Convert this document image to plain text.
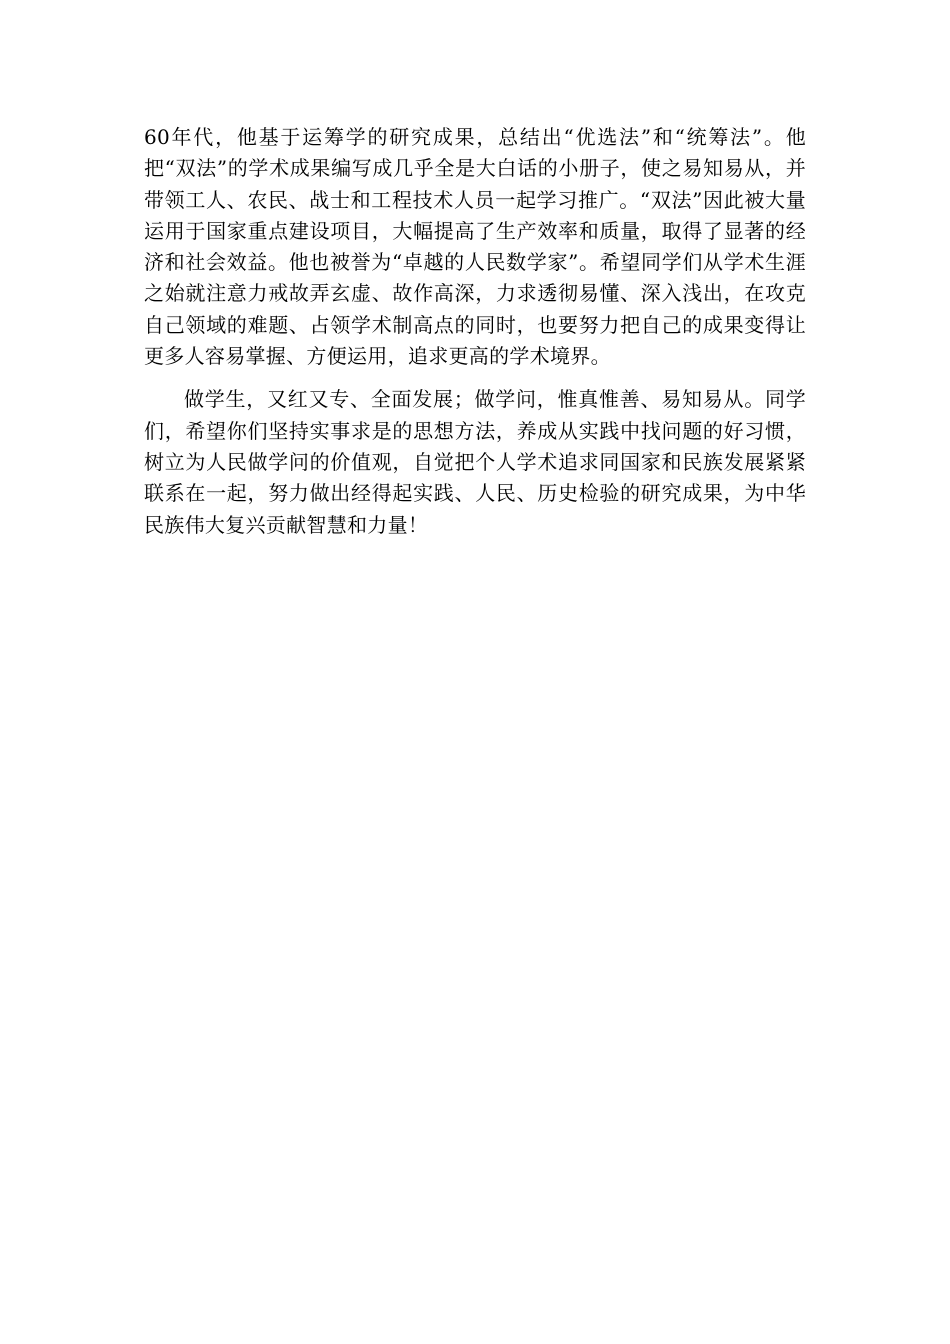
60年代，他基于运筹学的研究成果，总结出“优选法”和“统筹法”。他把“双法”的学术成果编写成几乎全是大白话的小册子，使之易知易从，并带领工人、农民、战士和工程技术人员一起学习推广。“双法”因此被大量运用于国家重点建设项目，大幅提高了生产效率和质量，取得了显著的经济和社会效益。他也被誉为“卓越的人民数学家”。希望同学们从学术生涯之始就注意力戒故弄玄虚、故作高深，力求透彻易懂、深入浅出，在攻克自己领域的难题、占领学术制高点的同时，也要努力把自己的成果变得让更多人容易掌握、方便运用，追求更高的学术境界。

做学生，又红又专、全面发展；做学问，惟真惟善、易知易从。同学们，希望你们坚持实事求是的思想方法，养成从实践中找问题的好习惯，树立为人民做学问的价值观，自觉把个人学术追求同国家和民族发展紧紧联系在一起，努力做出经得起实践、人民、历史检验的研究成果，为中华民族伟大复兴贡献智慧和力量！
